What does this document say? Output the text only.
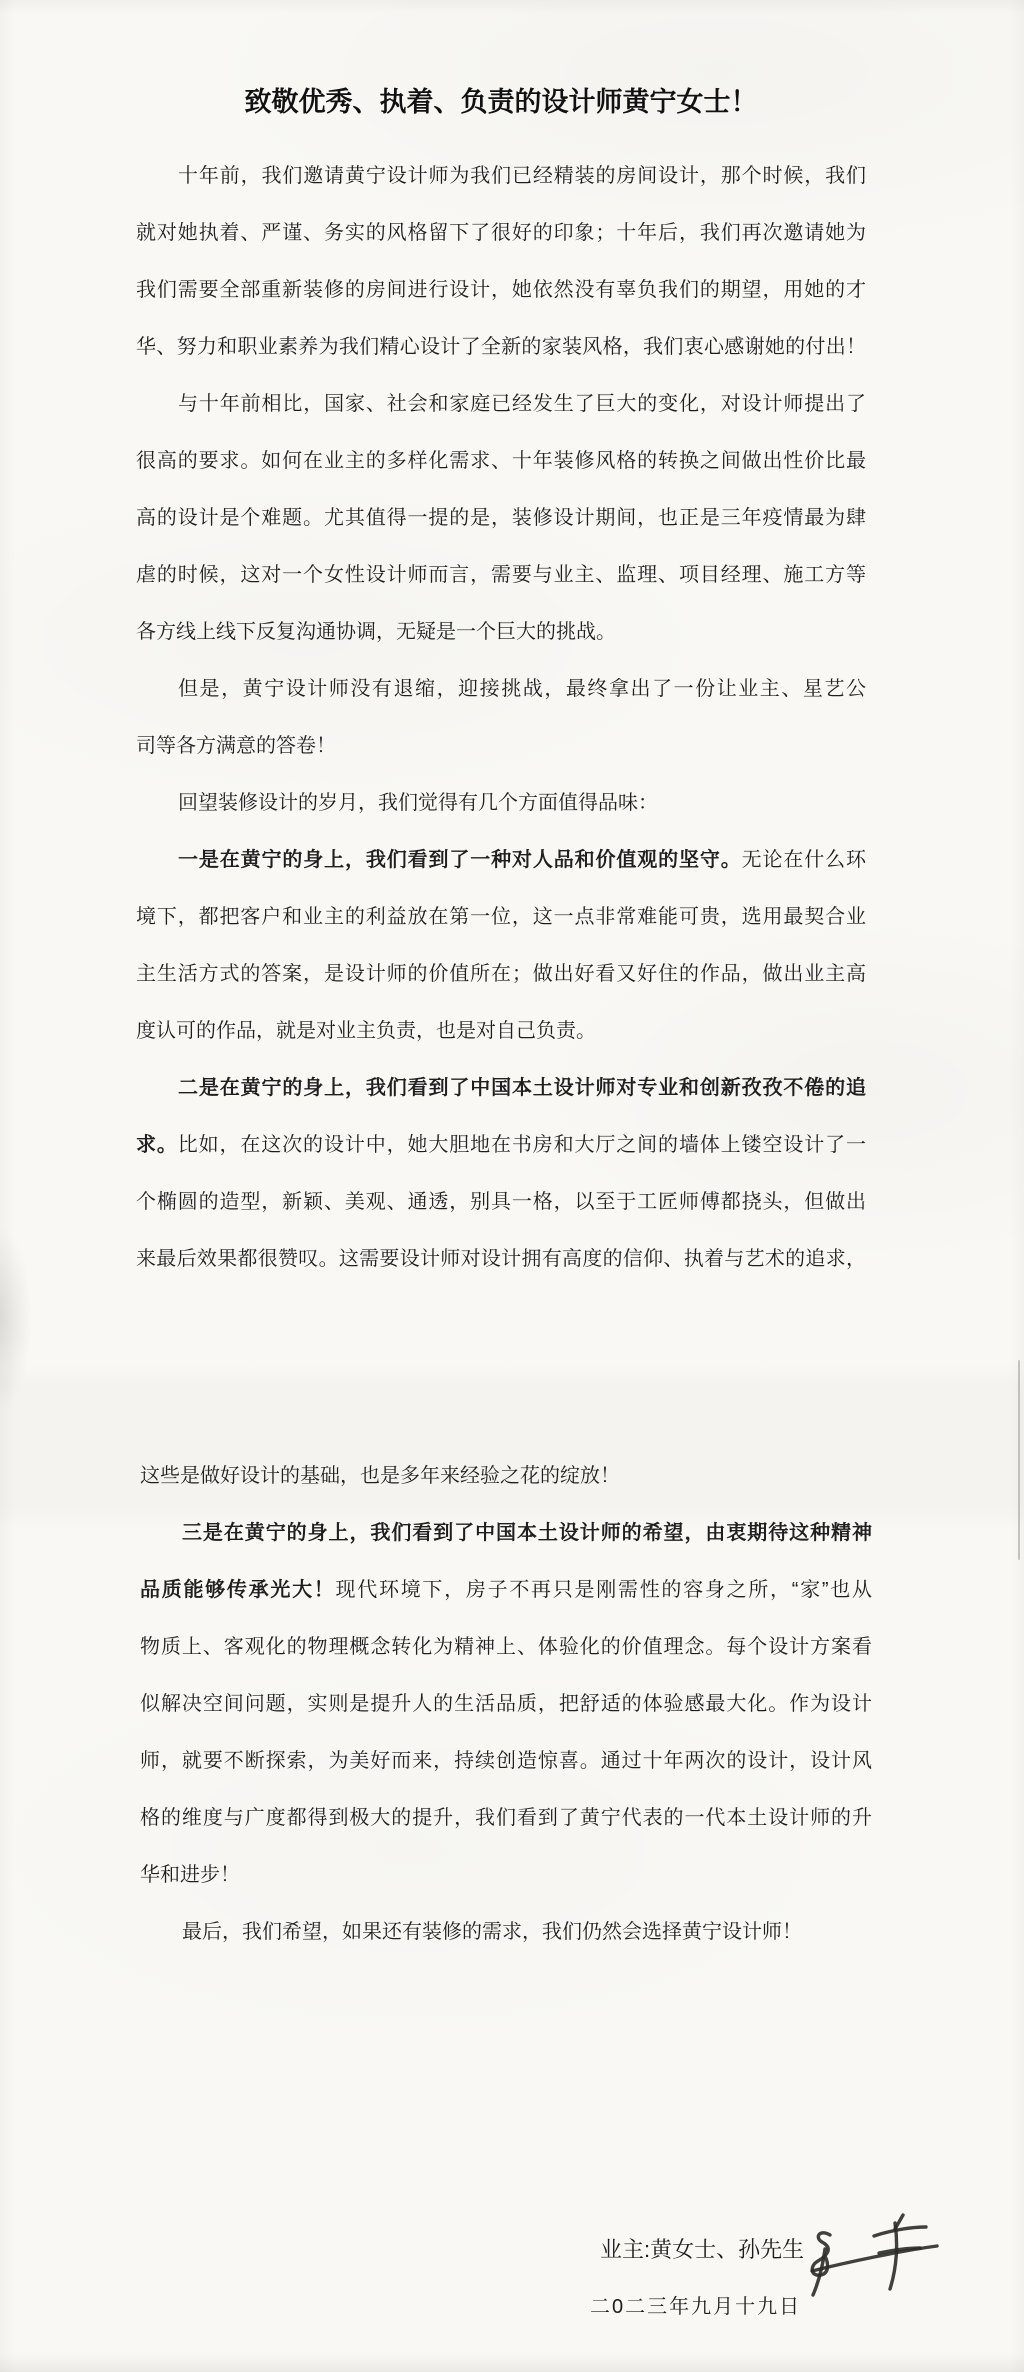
致敬优秀、执着、负责的设计师黄宁女士！
十年前，我们邀请黄宁设计师为我们已经精装的房间设计，那个时候，我们
就对她执着、严谨、务实的风格留下了很好的印象；十年后，我们再次邀请她为
我们需要全部重新装修的房间进行设计，她依然没有辜负我们的期望，用她的才
华、努力和职业素养为我们精心设计了全新的家装风格，我们衷心感谢她的付出！
与十年前相比，国家、社会和家庭已经发生了巨大的变化，对设计师提出了
很高的要求。如何在业主的多样化需求、十年装修风格的转换之间做出性价比最
高的设计是个难题。尤其值得一提的是，装修设计期间，也正是三年疫情最为肆
虐的时候，这对一个女性设计师而言，需要与业主、监理、项目经理、施工方等
各方线上线下反复沟通协调，无疑是一个巨大的挑战。
但是，黄宁设计师没有退缩，迎接挑战，最终拿出了一份让业主、星艺公
司等各方满意的答卷！
回望装修设计的岁月，我们觉得有几个方面值得品味：
一是在黄宁的身上，我们看到了一种对人品和价值观的坚守。无论在什么环
境下，都把客户和业主的利益放在第一位，这一点非常难能可贵，选用最契合业
主生活方式的答案，是设计师的价值所在；做出好看又好住的作品，做出业主高
度认可的作品，就是对业主负责，也是对自己负责。
二是在黄宁的身上，我们看到了中国本土设计师对专业和创新孜孜不倦的追
求。比如，在这次的设计中，她大胆地在书房和大厅之间的墙体上镂空设计了一
个椭圆的造型，新颖、美观、通透，别具一格，以至于工匠师傅都挠头，但做出
来最后效果都很赞叹。这需要设计师对设计拥有高度的信仰、执着与艺术的追求，
这些是做好设计的基础，也是多年来经验之花的绽放！
三是在黄宁的身上，我们看到了中国本土设计师的希望，由衷期待这种精神
品质能够传承光大！现代环境下，房子不再只是刚需性的容身之所，“家”也从
物质上、客观化的物理概念转化为精神上、体验化的价值理念。每个设计方案看
似解决空间问题，实则是提升人的生活品质，把舒适的体验感最大化。作为设计
师，就要不断探索，为美好而来，持续创造惊喜。通过十年两次的设计，设计风
格的维度与广度都得到极大的提升，我们看到了黄宁代表的一代本土设计师的升
华和进步！
最后，我们希望，如果还有装修的需求，我们仍然会选择黄宁设计师！
业主:黄女士、孙先生
二0二三年九月十九日
